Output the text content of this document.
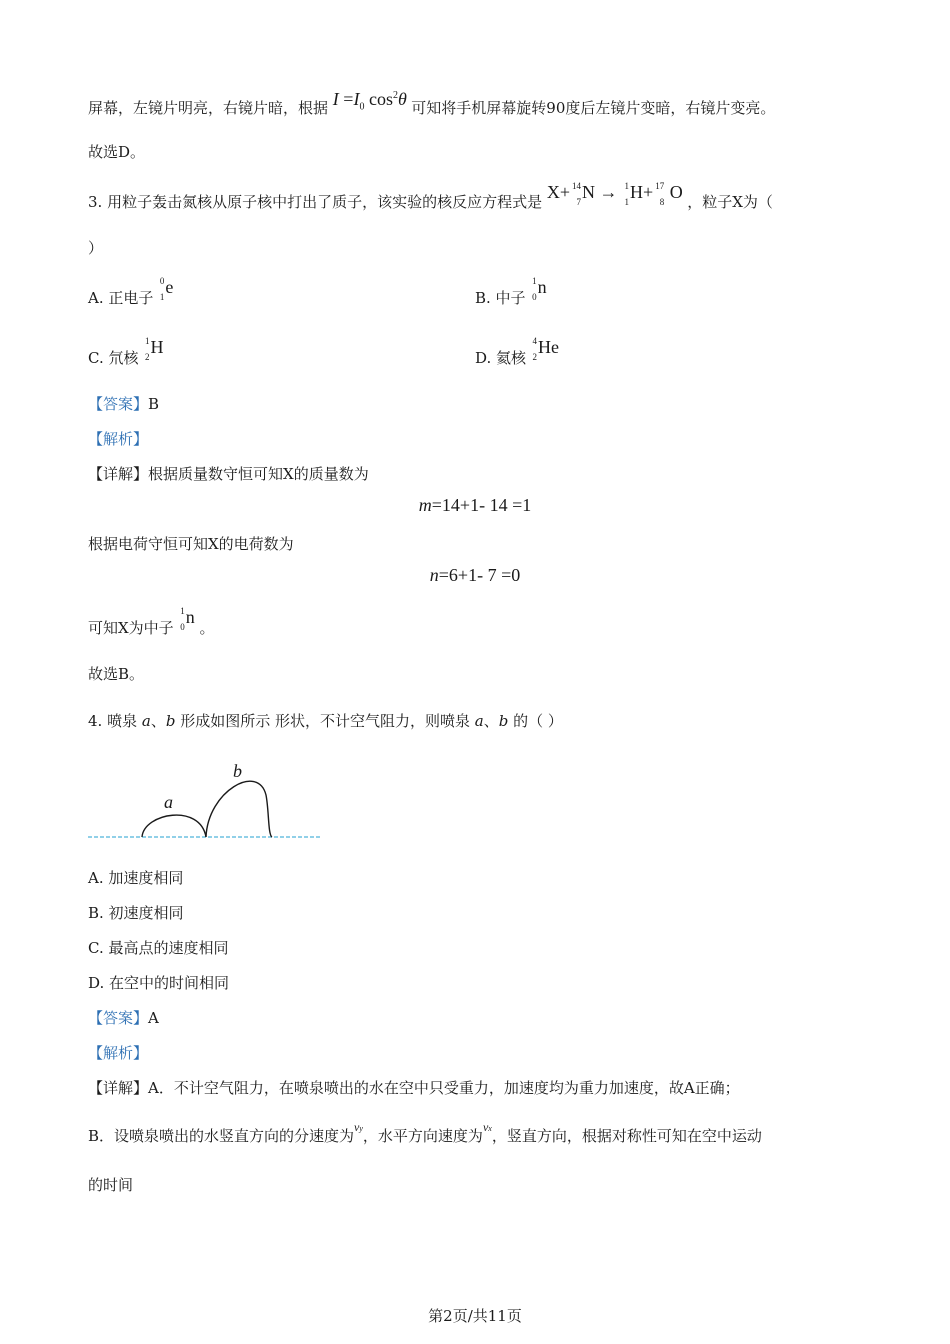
屏幕，左镜片明亮，右镜片暗，根据 $I =I_0$ $\cos^2\theta$ 可知将手机屏幕旋转90度后左镜片变暗，右镜片变亮。
故选D。
3. 用粒子轰击氮核从原子核中打出了质子，该实验的核反应方程式是 X+ 14
7 N → 1
1 H+ 17
8 O ，粒子X为（
）
A. 正电子
0
1 e
B. 中子
1
0 n
C. 氘核
1
2 H
D. 氦核
4
2 He
【答案】B
【解析】
【详解】根据质量数守恒可知X的质量数为
m=14+1- 14 =1
根据电荷守恒可知X的电荷数为
n=6+1- 7 =0
可知X为中子
1
0 n 。
故选B。
4. 喷泉 a、b 形成如图所示 形状，不计空气阻力，则喷泉 a、b 的（ ）
a
b
A. 加速度相同
B. 初速度相同
C. 最高点的速度相同
D. 在空中的时间相同
【答案】A
【解析】
【详解】A．不计空气阻力，在喷泉喷出的水在空中只受重力，加速度均为重力加速度，故A正确；
B．设喷泉喷出的水竖直方向的分速度为$^{vy}$，水平方向速度为$^{vx}$，竖直方向，根据对称性可知在空中运动
的时间
第2页/共11页
